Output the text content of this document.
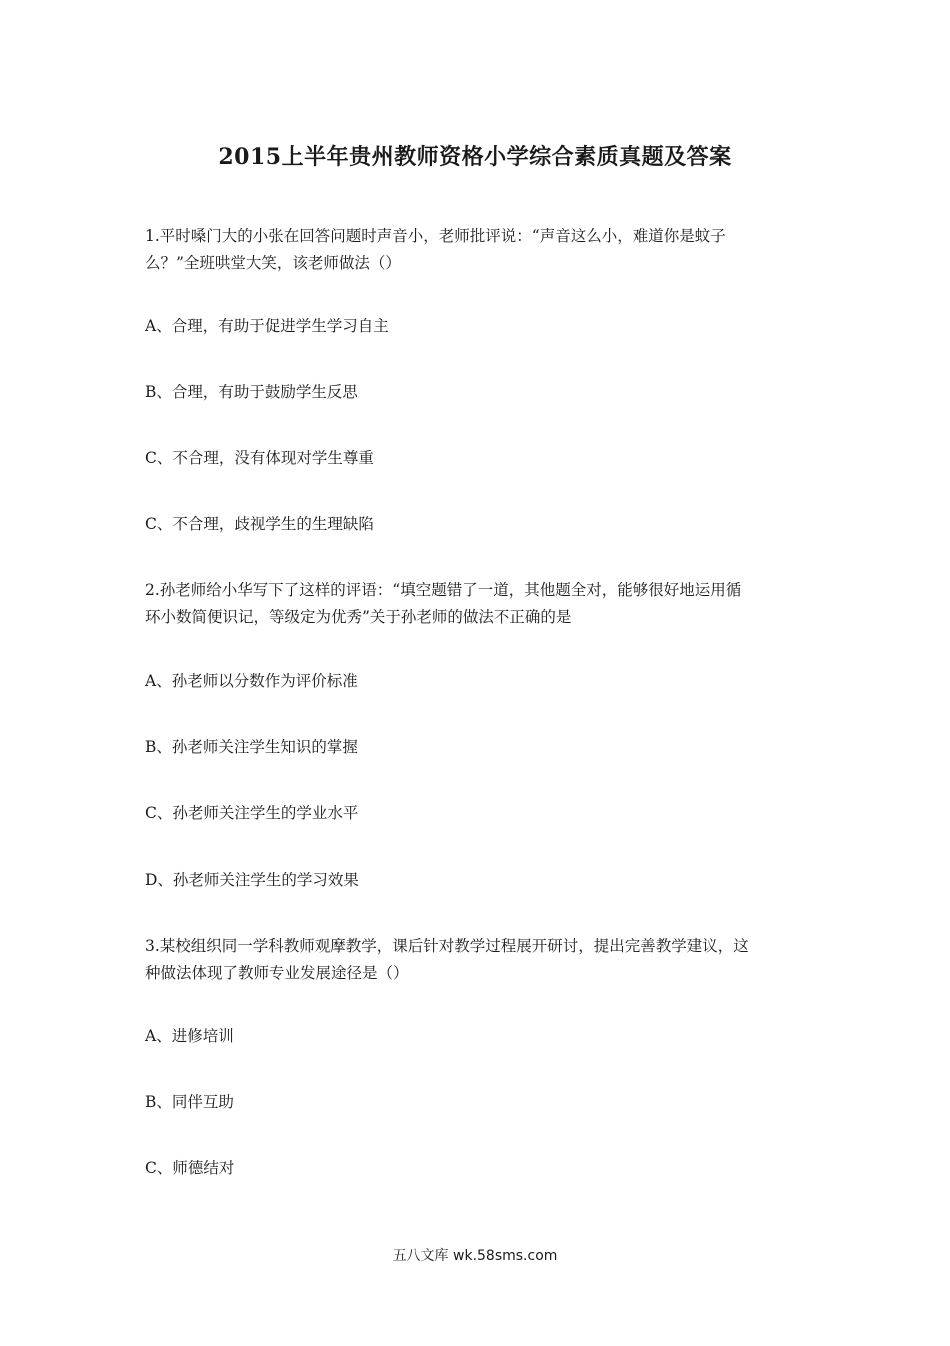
2015上半年贵州教师资格小学综合素质真题及答案
1.平时嗓门大的小张在回答问题时声音小，老师批评说：“声音这么小，难道你是蚊子
么？”全班哄堂大笑，该老师做法（）
A、合理，有助于促进学生学习自主
B、合理，有助于鼓励学生反思
C、不合理，没有体现对学生尊重
C、不合理，歧视学生的生理缺陷
2.孙老师给小华写下了这样的评语：“填空题错了一道，其他题全对，能够很好地运用循
环小数简便识记，等级定为优秀”关于孙老师的做法不正确的是
A、孙老师以分数作为评价标准
B、孙老师关注学生知识的掌握
C、孙老师关注学生的学业水平
D、孙老师关注学生的学习效果
3.某校组织同一学科教师观摩教学，课后针对教学过程展开研讨，提出完善教学建议，这
种做法体现了教师专业发展途径是（）
A、进修培训
B、同伴互助
C、师德结对
五八文库 wk.58sms.com
